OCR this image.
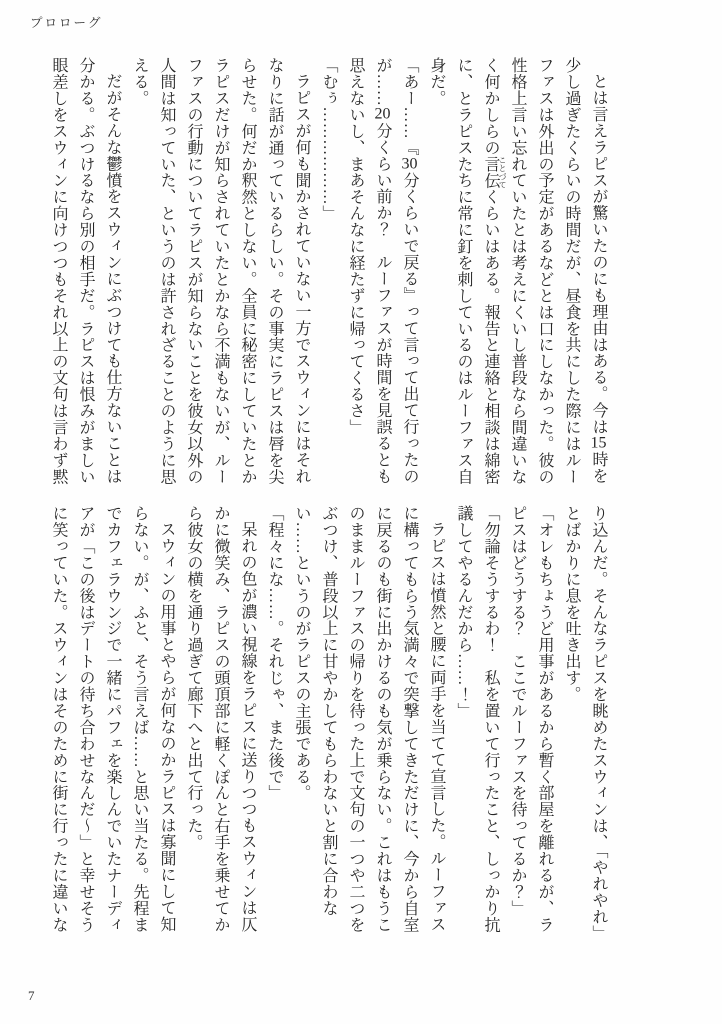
プロローグ

とは言えラピスが驚いたのにも理由はある。今は15時を少し過ぎたくらいの時間だが、昼食を共にした際にはルーファスは外出の予定があるなどとは口にしなかった。彼の性格上言い忘れていたとは考えにくいし普段なら間違いなく何かしらの言伝 ことづてくらいはある。報告と連絡と相談は綿密に、とラピスたちに常に釘を刺しているのはルーファス自身だ。

「あー……『30分くらいで戻る』って言って出て行ったのが……20分くらい前か？　ルーファスが時間を見誤るとも思えないし、まあそんなに経たずに帰ってくるさ」

「むぅ………………」

ラピスが何も聞かされていない一方でスウィンにはそれなりに話が通っているらしい。その事実にラピスは唇を尖らせた。何だか釈然としない。全員に秘密にしていたとかラピスだけが知らされていたとかなら不満もないが、ルーファスの行動についてラピスが知らないことを彼女以外の人間は知っていた、というのは許されざることのように思える。

だがそんな鬱憤をスウィンにぶつけても仕方ないことは分かる。ぶつけるなら別の相手だ。ラピスは恨みがましい眼差しをスウィンに向けつつもそれ以上の文句は言わず黙

り込んだ。そんなラピスを眺めたスウィンは、「やれやれ」とばかりに息を吐き出す。

「オレもちょうど用事があるから暫く部屋を離れるが、ラピスはどうする？　ここでルーファスを待ってるか？」

「勿論そうするわ！　私を置いて行ったこと、しっかり抗議してやるんだから……！」

ラピスは憤然と腰に両手を当てて宣言した。ルーファスに構ってもらう気満々で突撃してきただけに、今から自室に戻るのも街に出かけるのも気が乗らない。これはもうこのままルーファスの帰りを待った上で文句の一つや二つをぶつけ、普段以上に甘やかしてもらわないと割に合わない……というのがラピスの主張である。

「程々にな……。それじゃ、また後で」

呆れの色が濃い視線をラピスに送りつつもスウィンは仄かに微笑み、ラピスの頭頂部に軽くぽんと右手を乗せてから彼女の横を通り過ぎて廊下へと出て行った。

スウィンの用事とやらが何なのかラピスは寡聞にして知らない。が、ふと、そう言えば……と思い当たる。先程までカフェラウンジで一緒にパフェを楽しんでいたナーディアが「この後はデートの待ち合わせなんだ～」と幸せそうに笑っていた。スウィンはそのために街に行ったに違いな

7
